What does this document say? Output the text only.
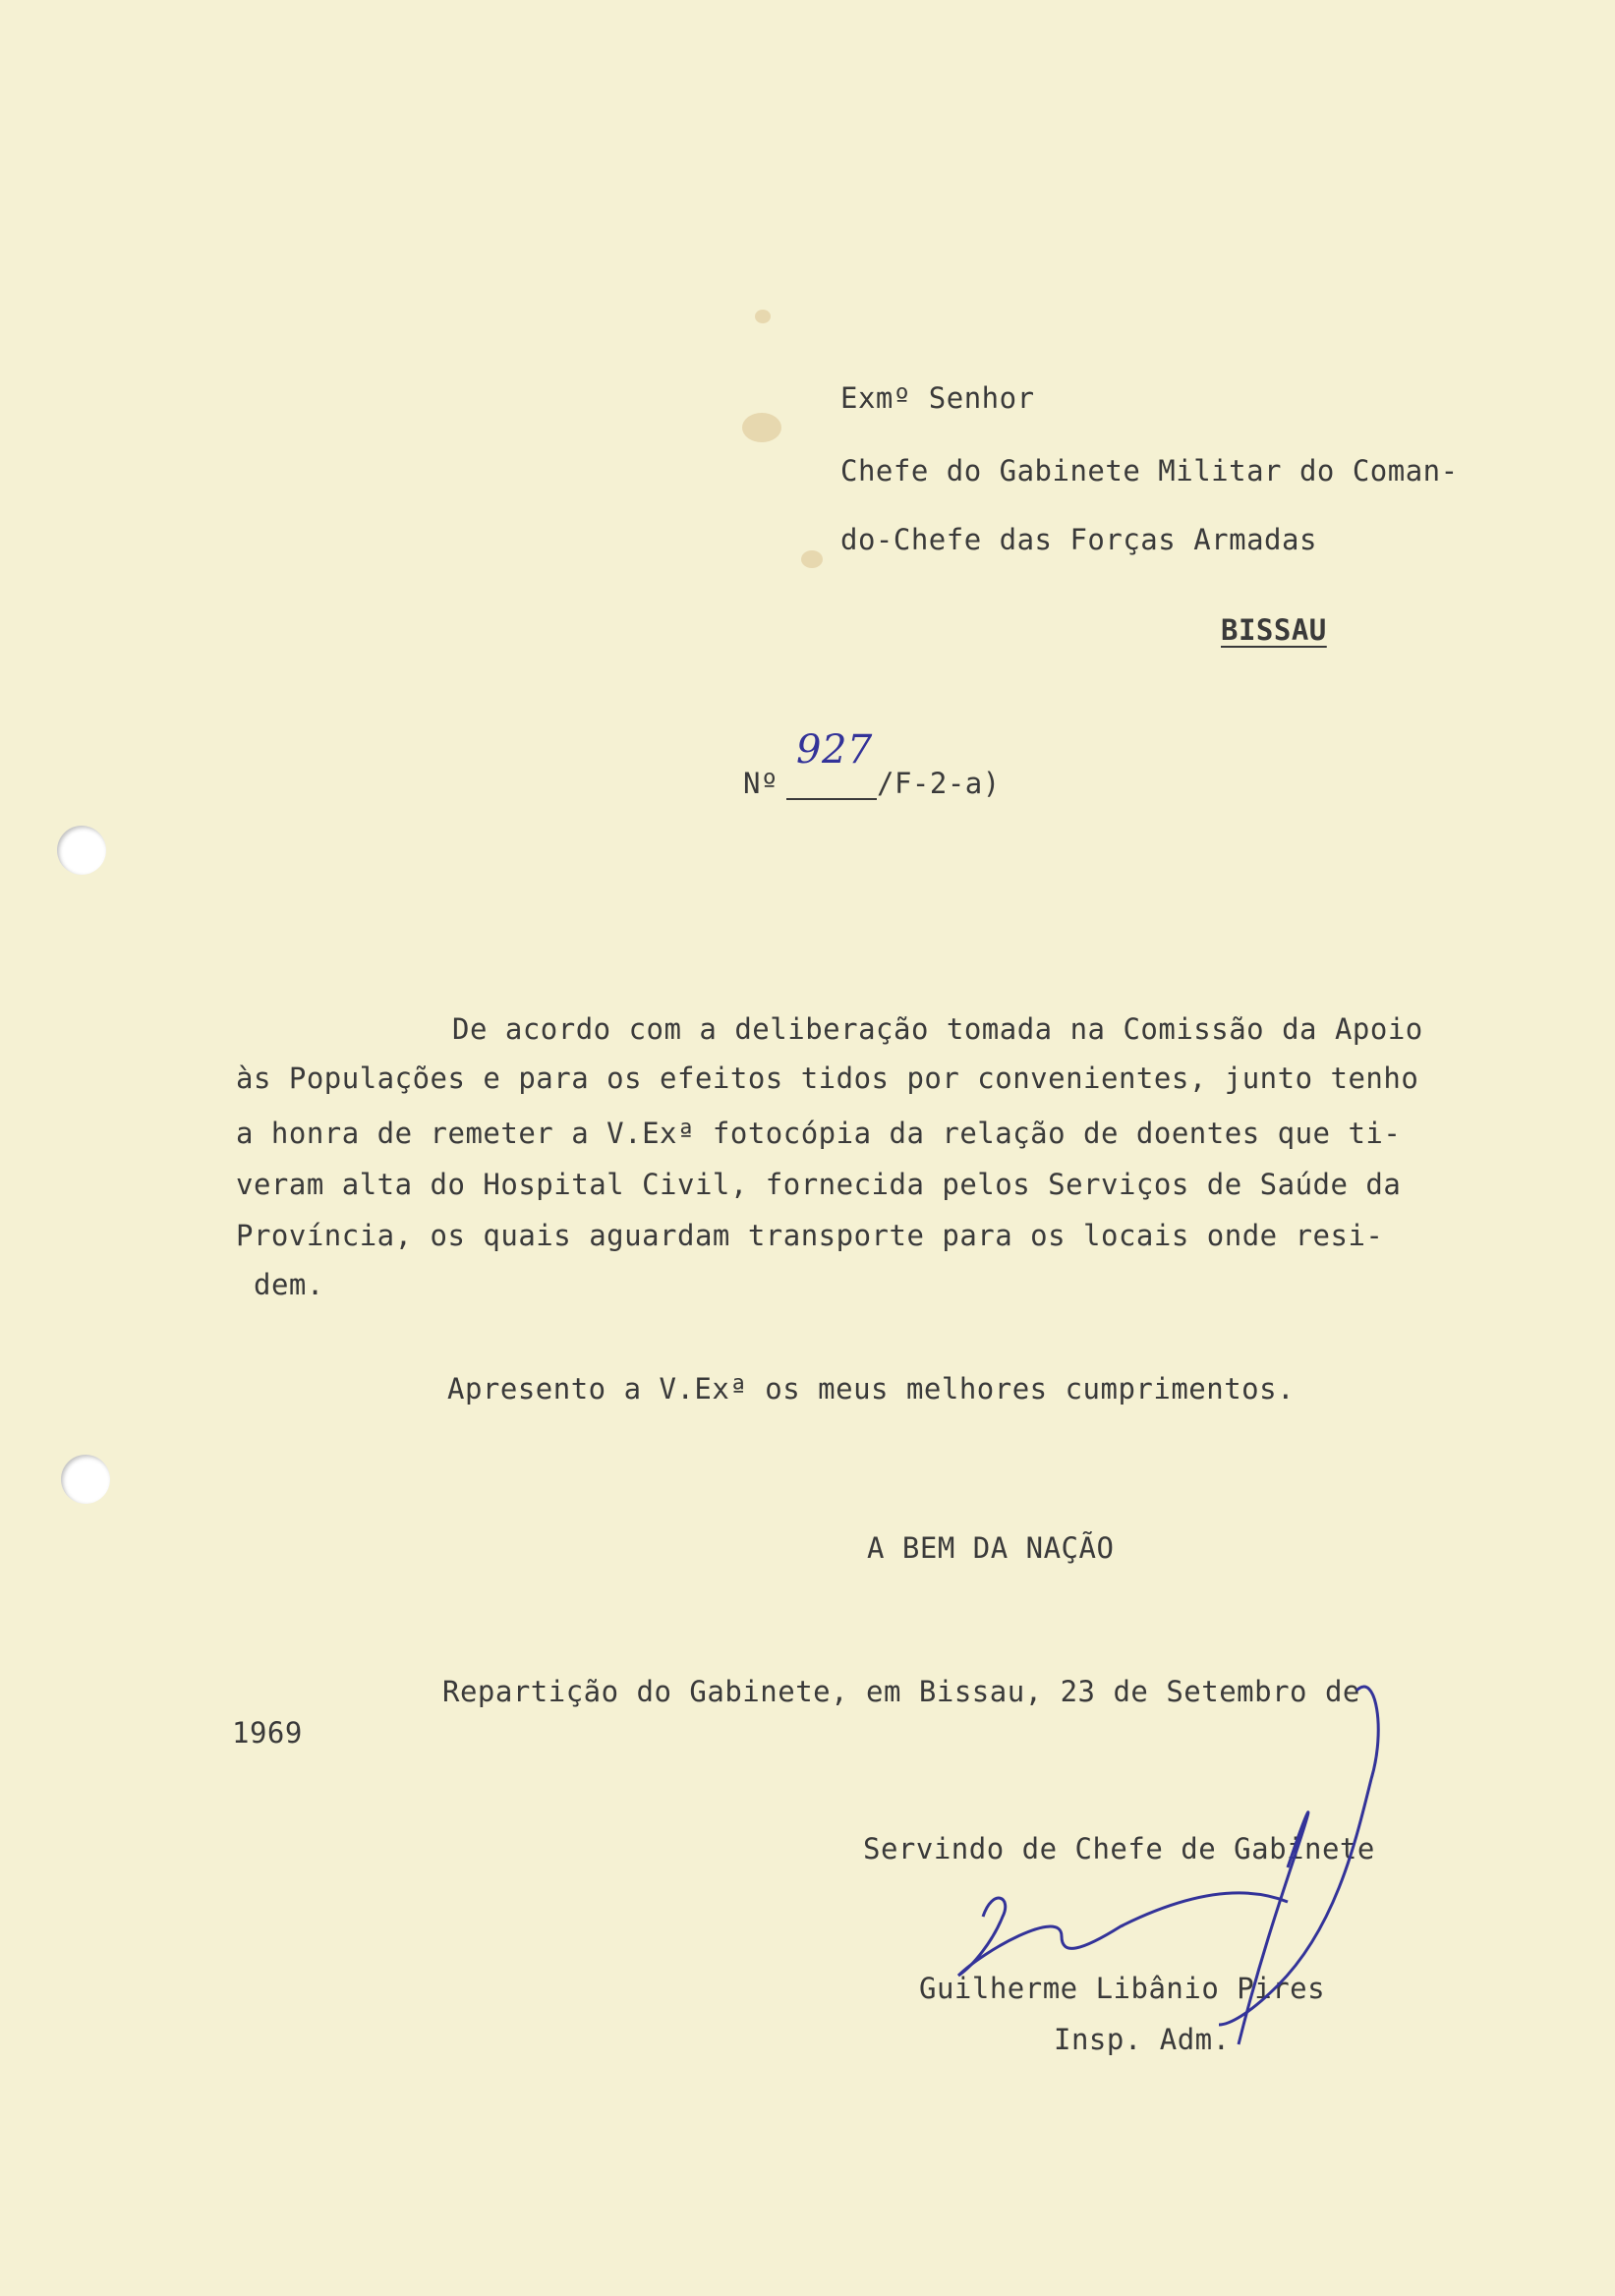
Exmº Senhor
Chefe do Gabinete Militar do Coman-
do-Chefe das Forças Armadas
BISSAU
Nº
927
/F-2-a)
De acordo com a deliberação tomada na Comissão da Apoio
às Populações e para os efeitos tidos por convenientes, junto tenho
a honra de remeter a V.Exª fotocópia da relação de doentes que ti-
veram alta do Hospital Civil, fornecida pelos Serviços de Saúde da
Província, os quais aguardam transporte para os locais onde resi-
dem.
Apresento a V.Exª os meus melhores cumprimentos.
A BEM DA NAÇÃO
Repartição do Gabinete, em Bissau, 23 de Setembro de
1969
Servindo de Chefe de Gabinete
Guilherme Libânio Pires
Insp. Adm.
